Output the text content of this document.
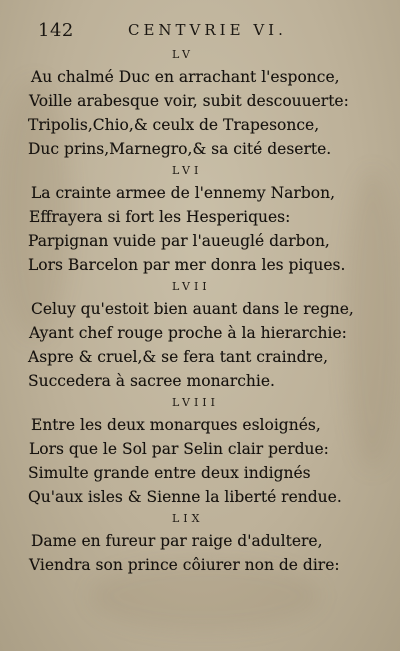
142	CENTVRIE VI.
LV
Au chalmé Duc en arrachant l'esponce,
Voille arabesque voir, subit descouuerte:
Tripolis,Chio,& ceulx de Trapesonce,
Duc prins,Marnegro,& sa cité deserte.
LVI
La crainte armee de l'ennemy Narbon,
Effrayera si fort les Hesperiques:
Parpignan vuide par l'aueuglé darbon,
Lors Barcelon par mer donra les piques.
LVII
Celuy qu'estoit bien auant dans le regne,
Ayant chef rouge proche à la hierarchie:
Aspre & cruel,& se fera tant craindre,
Succedera à sacree monarchie.
LVIII
Entre les deux monarques esloignés,
Lors que le Sol par Selin clair perdue:
Simulte grande entre deux indignés
Qu'aux isles & Sienne la liberté rendue.
LIX
Dame en fureur par raige d'adultere,
Viendra son prince côiurer non de dire:
